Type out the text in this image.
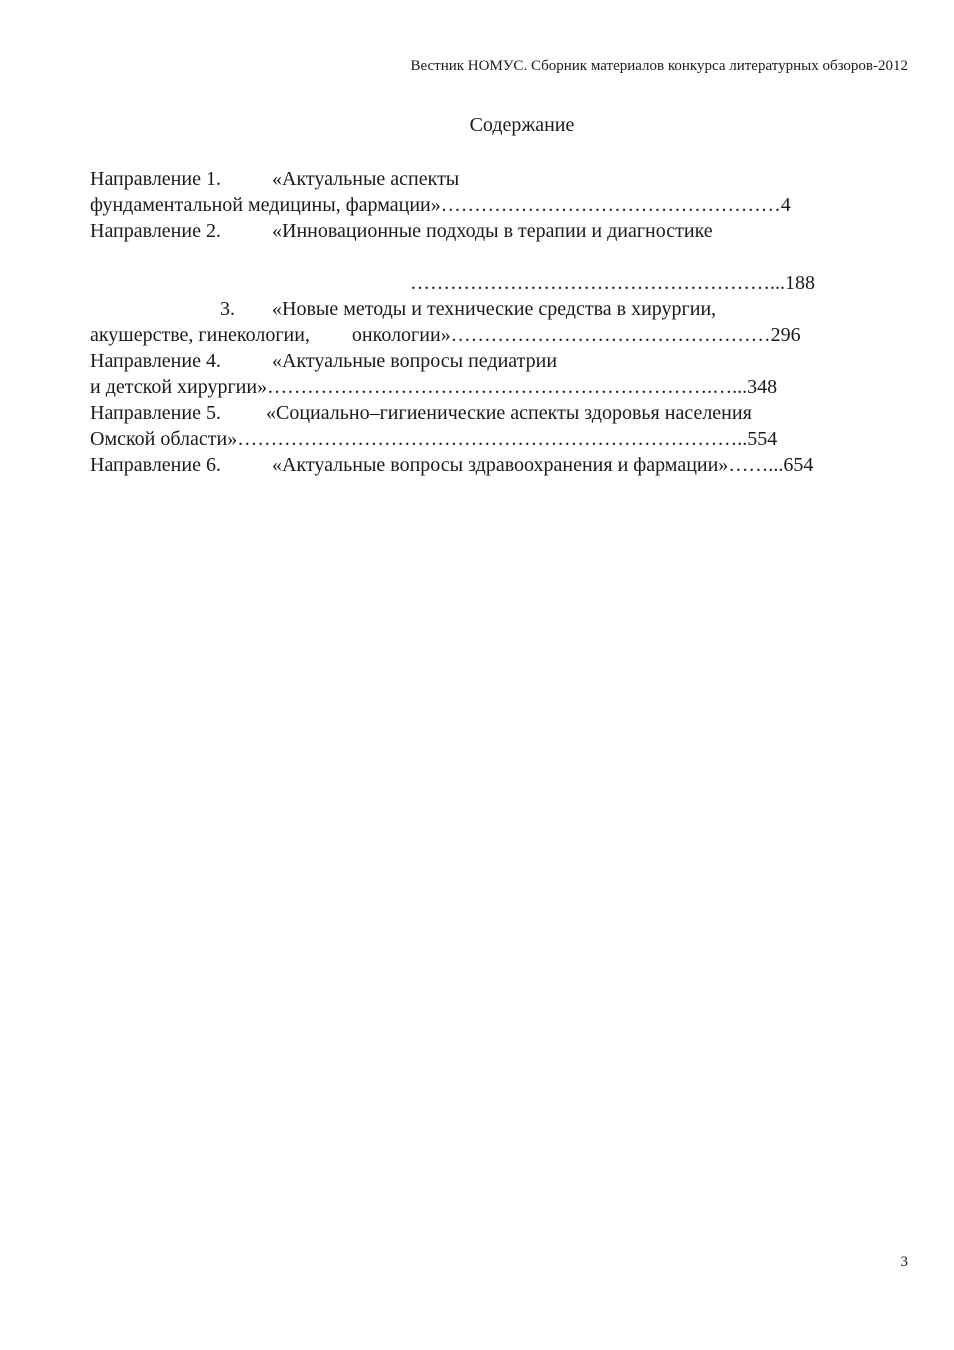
Вестник НОМУС. Сборник материалов конкурса литературных обзоров-2012
Содержание
Направление 1.	«Актуальные аспекты
фундаментальной медицины, фармации»……………………………………………4
Направление 2.	«Инновационные подходы в терапии и диагностике
………………………………………………...188
3. «Новые методы и технические средства в хирургии,
акушерстве, гинекологии, онкологии»…………………………………………296
Направление 4.	«Актуальные вопросы педиатрии
и детской хирургии»………………………………………………………….…...348
Направление 5. «Социально–гигиенические аспекты здоровья населения
Омской области»…………………………………………………………………..554
Направление 6.	«Актуальные вопросы здравоохранения и фармации»……...654
3
